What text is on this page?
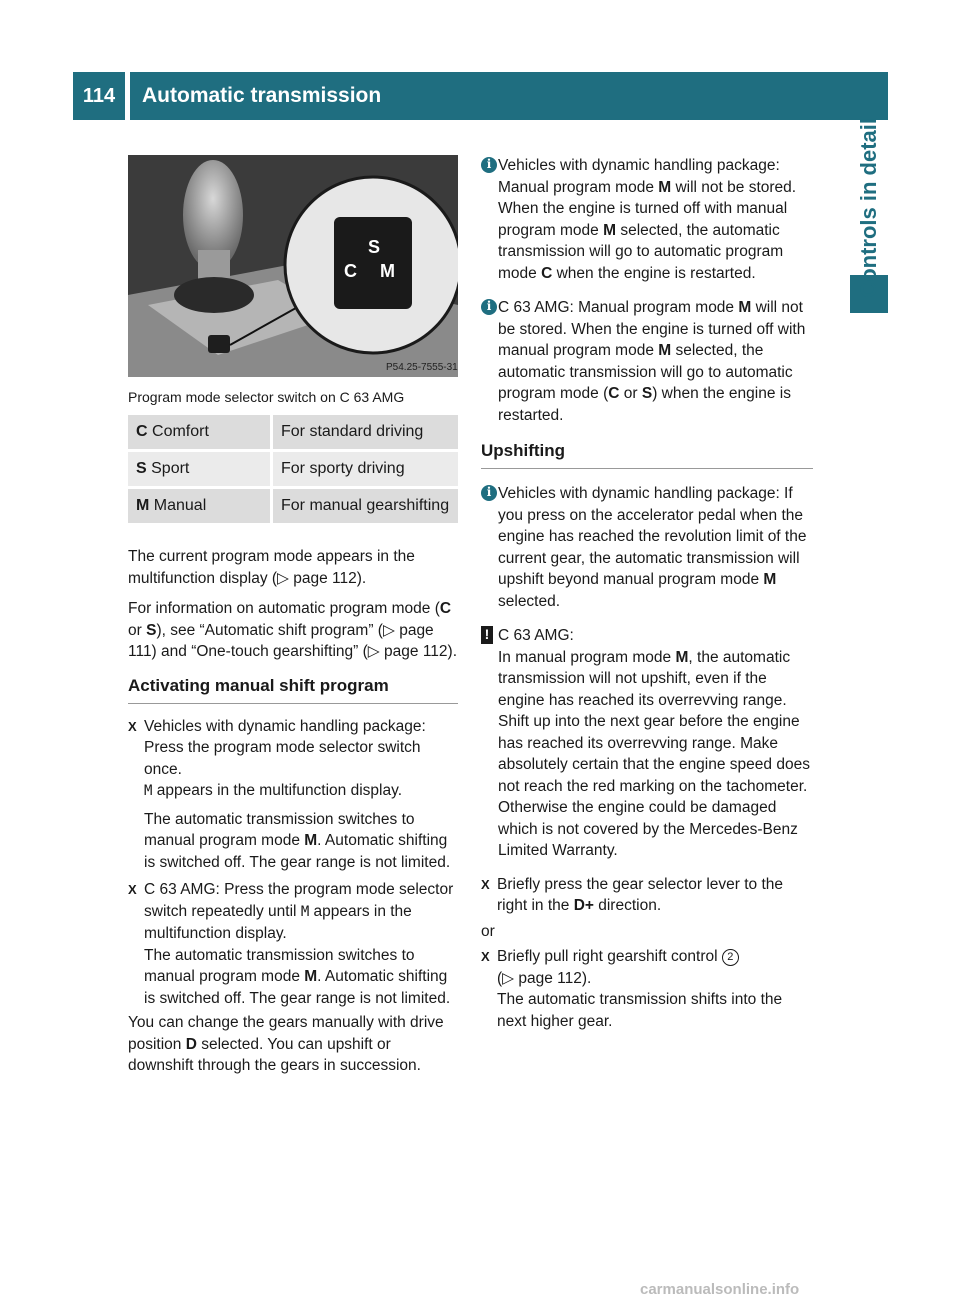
114	Automatic transmission
Controls in detail
S
C M
P54.25-7555-31
Program mode selector switch on C 63 AMG
C Comfort	For standard driving
S Sport	For sporty driving
M Manual	For manual gearshifting

The current program mode appears in the multifunction display (▷ page 112).

For information on automatic program mode (C or S), see “Automatic shift program” (▷ page 111) and “One-touch gearshifting” (▷ page 112).

Activating manual shift program
X Vehicles with dynamic handling package: Press the program mode selector switch once.
M appears in the multifunction display.
The automatic transmission switches to manual program mode M. Automatic shifting is switched off. The gear range is not limited.
X C 63 AMG: Press the program mode selector switch repeatedly until M appears in the multifunction display.
The automatic transmission switches to manual program mode M. Automatic shifting is switched off. The gear range is not limited.

You can change the gears manually with drive position D selected. You can upshift or downshift through the gears in succession.

i Vehicles with dynamic handling package: Manual program mode M will not be stored. When the engine is turned off with manual program mode M selected, the automatic transmission will go to automatic program mode C when the engine is restarted.
i C 63 AMG: Manual program mode M will not be stored. When the engine is turned off with manual program mode M selected, the automatic transmission will go to automatic program mode (C or S) when the engine is restarted.
Upshifting
i Vehicles with dynamic handling package: If you press on the accelerator pedal when the engine has reached the revolution limit of the current gear, the automatic transmission will upshift beyond manual program mode M selected.
! C 63 AMG:
In manual program mode M, the automatic transmission will not upshift, even if the engine has reached its overrevving range. Shift up into the next gear before the engine has reached its overrevving range. Make absolutely certain that the engine speed does not reach the red marking on the tachometer. Otherwise the engine could be damaged which is not covered by the Mercedes-Benz Limited Warranty.
X Briefly press the gear selector lever to the right in the D+ direction.

or

X Briefly pull right gearshift control 2
(▷ page 112).
The automatic transmission shifts into the next higher gear.
carmanualsonline.info
